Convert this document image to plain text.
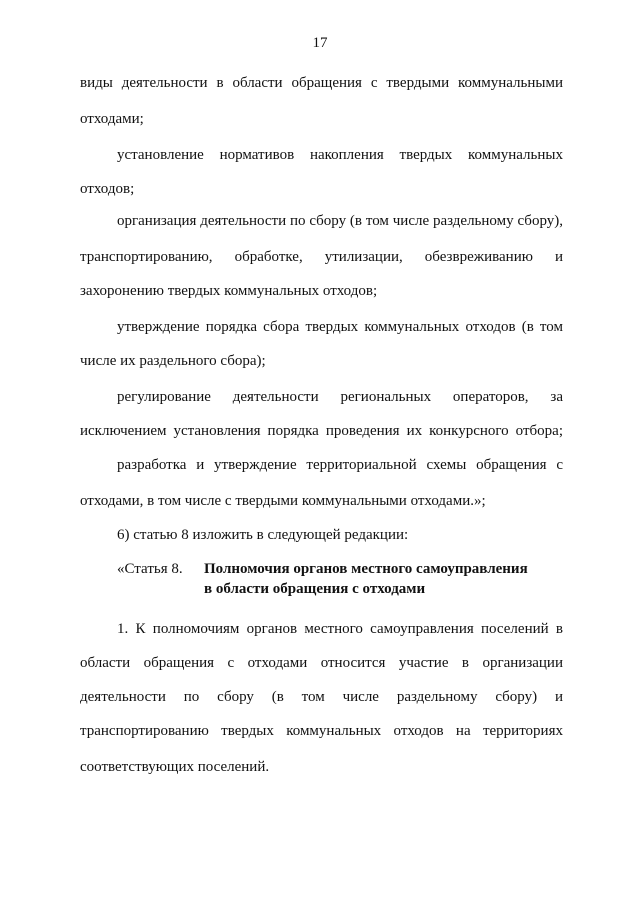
17
виды деятельности в области обращения с твердыми коммунальными
отходами;
установление нормативов накопления твердых коммунальных
отходов;
организация деятельности по сбору (в том числе раздельному сбору),
транспортированию, обработке, утилизации, обезвреживанию и
захоронению твердых коммунальных отходов;
утверждение порядка сбора твердых коммунальных отходов (в том
числе их раздельного сбора);
регулирование деятельности региональных операторов, за
исключением установления порядка проведения их конкурсного отбора;
разработка и утверждение территориальной схемы обращения с
отходами, в том числе с твердыми коммунальными отходами.»;
6) статью 8 изложить в следующей редакции:
«Статья 8. Полномочия органов местного самоуправления
в области обращения с отходами
1. К полномочиям органов местного самоуправления поселений в
области обращения с отходами относится участие в организации
деятельности по сбору (в том числе раздельному сбору) и
транспортированию твердых коммунальных отходов на территориях
соответствующих поселений.
